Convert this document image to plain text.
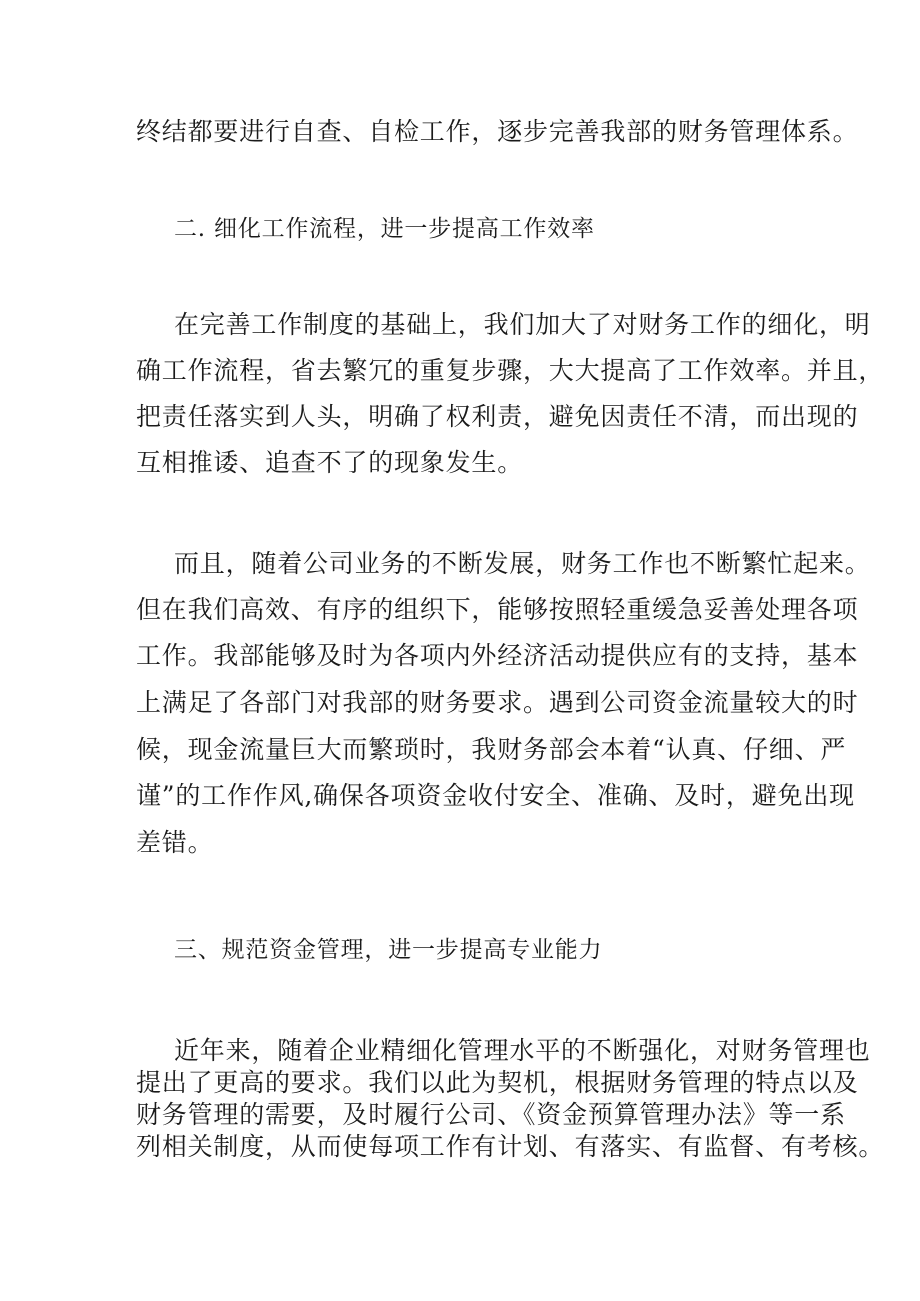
终结都要进行自查、自检工作，逐步完善我部的财务管理体系。
二. 细化工作流程，进一步提高工作效率
在完善工作制度的基础上，我们加大了对财务工作的细化，明
确工作流程，省去繁冗的重复步骤，大大提高了工作效率。并且，
把责任落实到人头，明确了权利责，避免因责任不清，而出现的
互相推诿、追查不了的现象发生。
而且，随着公司业务的不断发展，财务工作也不断繁忙起来。
但在我们高效、有序的组织下，能够按照轻重缓急妥善处理各项
工作。我部能够及时为各项内外经济活动提供应有的支持，基本
上满足了各部门对我部的财务要求。遇到公司资金流量较大的时
候，现金流量巨大而繁琐时，我财务部会本着“认真、仔细、严
谨”的工作作风,确保各项资金收付安全、准确、及时，避免出现
差错。
三、规范资金管理，进一步提高专业能力
近年来，随着企业精细化管理水平的不断强化，对财务管理也
提出了更高的要求。我们以此为契机，根据财务管理的特点以及
财务管理的需要，及时履行公司、《资金预算管理办法》等一系
列相关制度，从而使每项工作有计划、有落实、有监督、有考核。
